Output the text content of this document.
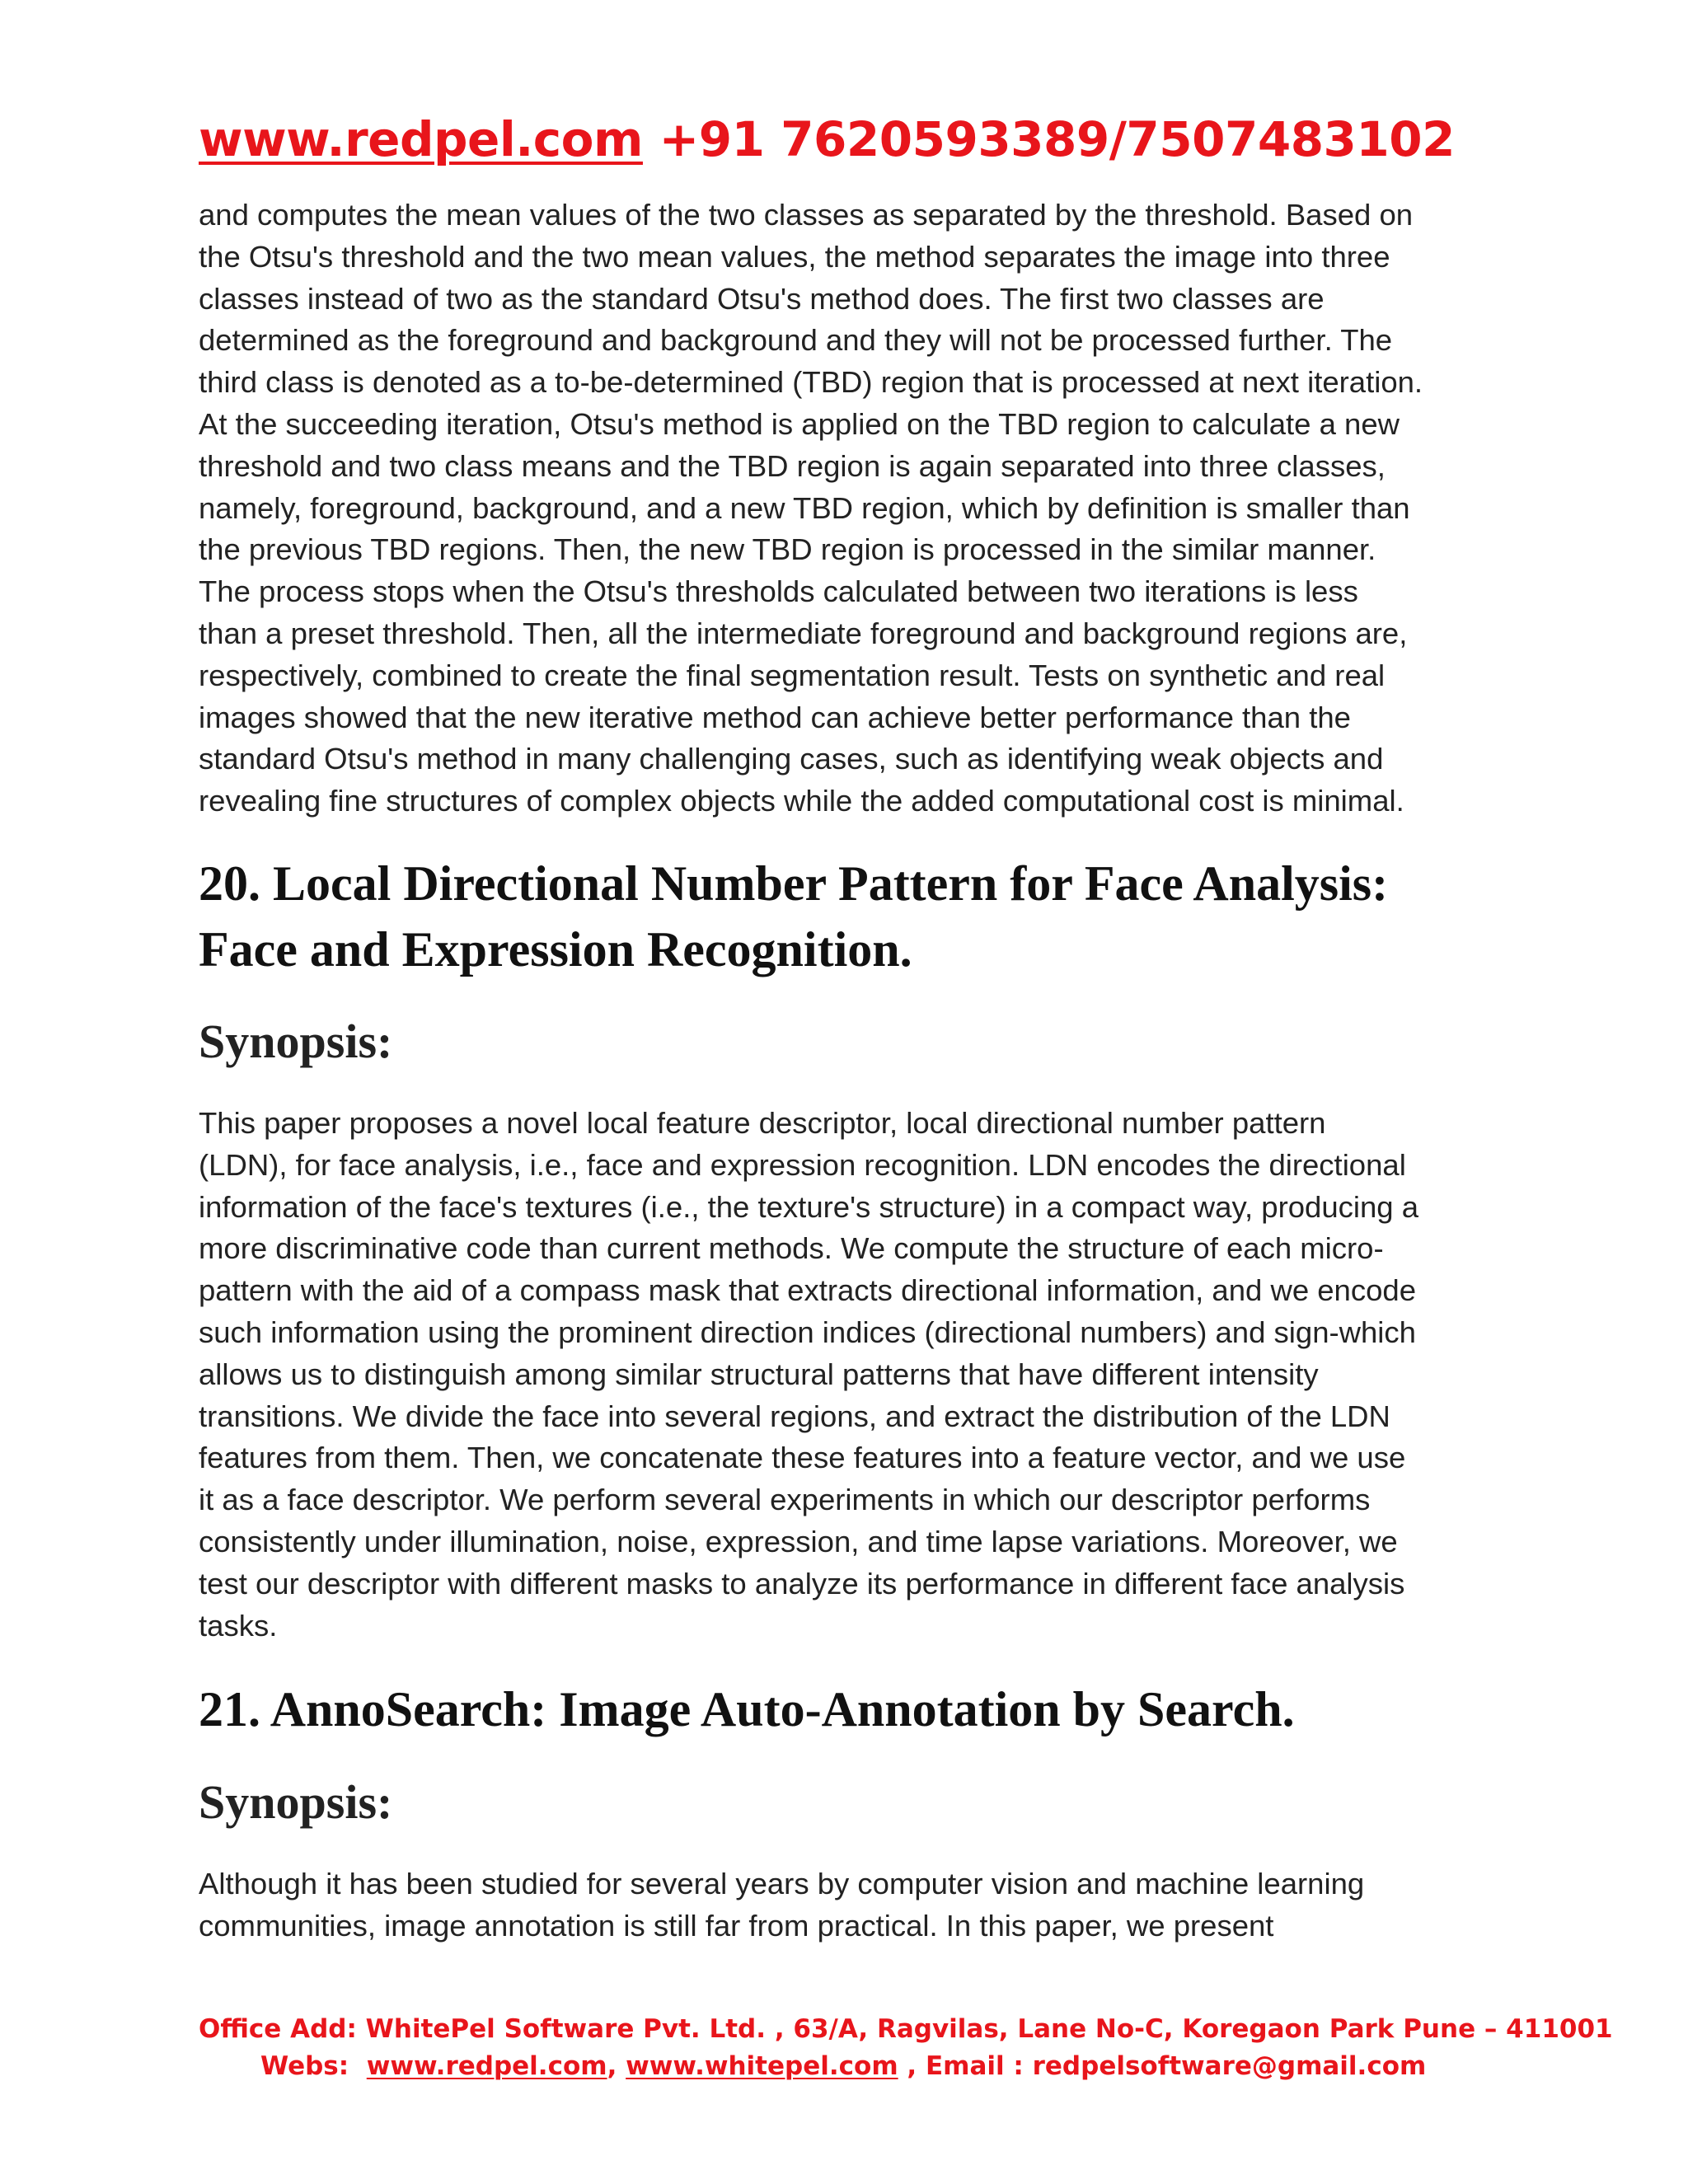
www.redpel.com +91 7620593389/7507483102

and computes the mean values of the two classes as separated by the threshold. Based on
the Otsu's threshold and the two mean values, the method separates the image into three
classes instead of two as the standard Otsu's method does. The first two classes are
determined as the foreground and background and they will not be processed further. The
third class is denoted as a to-be-determined (TBD) region that is processed at next iteration.
At the succeeding iteration, Otsu's method is applied on the TBD region to calculate a new
threshold and two class means and the TBD region is again separated into three classes,
namely, foreground, background, and a new TBD region, which by definition is smaller than
the previous TBD regions. Then, the new TBD region is processed in the similar manner.
The process stops when the Otsu's thresholds calculated between two iterations is less
than a preset threshold. Then, all the intermediate foreground and background regions are,
respectively, combined to create the final segmentation result. Tests on synthetic and real
images showed that the new iterative method can achieve better performance than the
standard Otsu's method in many challenging cases, such as identifying weak objects and
revealing fine structures of complex objects while the added computational cost is minimal.

20. Local Directional Number Pattern for Face Analysis:
Face and Expression Recognition.
Synopsis:

This paper proposes a novel local feature descriptor, local directional number pattern
(LDN), for face analysis, i.e., face and expression recognition. LDN encodes the directional
information of the face's textures (i.e., the texture's structure) in a compact way, producing a
more discriminative code than current methods. We compute the structure of each micro-
pattern with the aid of a compass mask that extracts directional information, and we encode
such information using the prominent direction indices (directional numbers) and sign-which
allows us to distinguish among similar structural patterns that have different intensity
transitions. We divide the face into several regions, and extract the distribution of the LDN
features from them. Then, we concatenate these features into a feature vector, and we use
it as a face descriptor. We perform several experiments in which our descriptor performs
consistently under illumination, noise, expression, and time lapse variations. Moreover, we
test our descriptor with different masks to analyze its performance in different face analysis
tasks.

21. AnnoSearch: Image Auto-Annotation by Search.
Synopsis:

Although it has been studied for several years by computer vision and machine learning
communities, image annotation is still far from practical. In this paper, we present

Office Add: WhitePel Software Pvt. Ltd. , 63/A, Ragvilas, Lane No-C, Koregaon Park Pune – 411001
Webs: www.redpel.com, www.whitepel.com , Email : redpelsoftware@gmail.com
